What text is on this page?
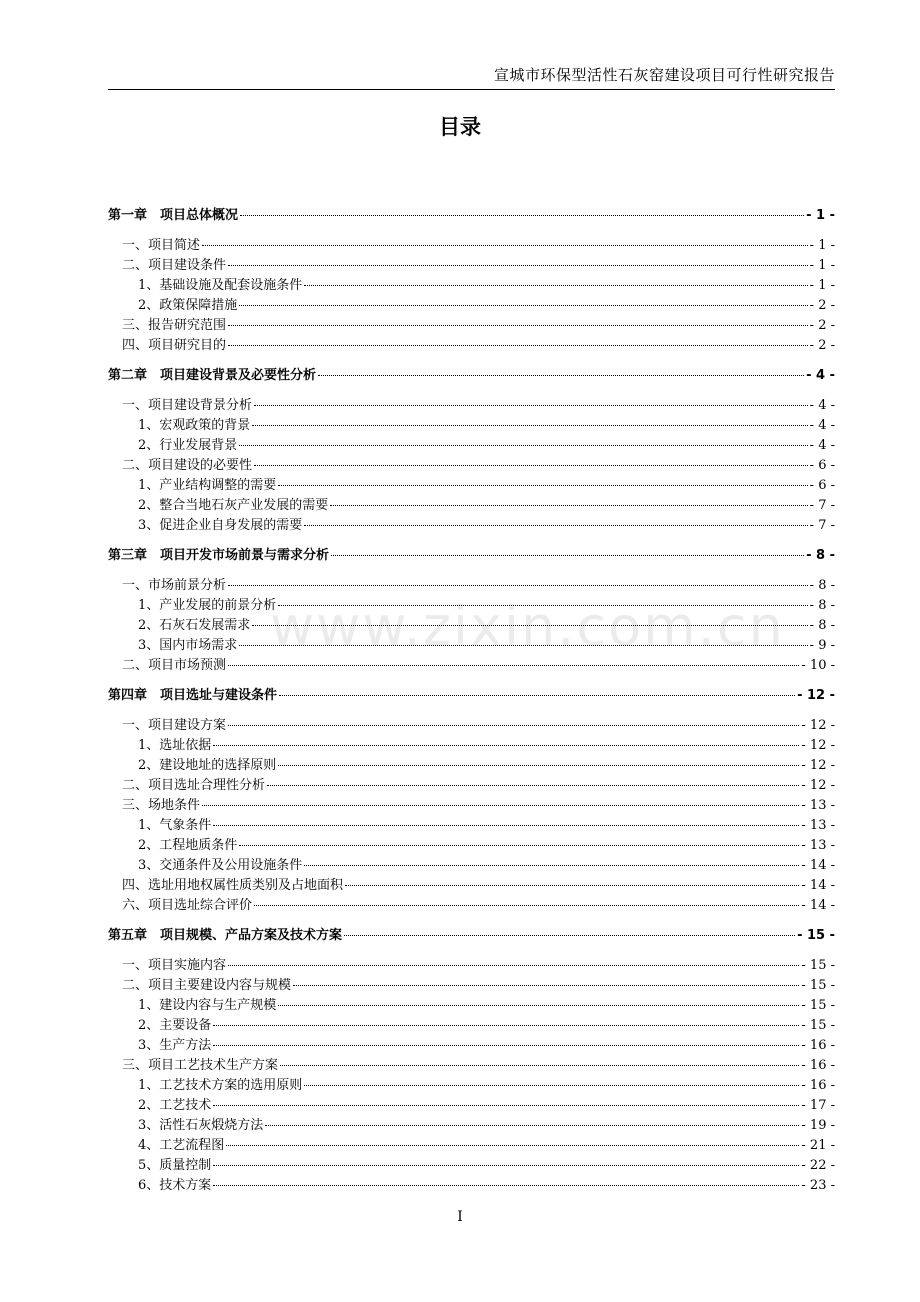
宣城市环保型活性石灰窑建设项目可行性研究报告
目录
www.zixin.com.cn
第一章　项目总体概况	- 1 -
一、项目简述	- 1 -
二、项目建设条件	- 1 -
1、基础设施及配套设施条件	- 1 -
2、政策保障措施	- 2 -
三、报告研究范围	- 2 -
四、项目研究目的	- 2 -
第二章　项目建设背景及必要性分析	- 4 -
一、项目建设背景分析	- 4 -
1、宏观政策的背景	- 4 -
2、行业发展背景	- 4 -
二、项目建设的必要性	- 6 -
1、产业结构调整的需要	- 6 -
2、整合当地石灰产业发展的需要	- 7 -
3、促进企业自身发展的需要	- 7 -
第三章　项目开发市场前景与需求分析	- 8 -
一、市场前景分析	- 8 -
1、产业发展的前景分析	- 8 -
2、石灰石发展需求	- 8 -
3、国内市场需求	- 9 -
二、项目市场预测	- 10 -
第四章　项目选址与建设条件	- 12 -
一、项目建设方案	- 12 -
1、选址依据	- 12 -
2、建设地址的选择原则	- 12 -
二、项目选址合理性分析	- 12 -
三、场地条件	- 13 -
1、气象条件	- 13 -
2、工程地质条件	- 13 -
3、交通条件及公用设施条件	- 14 -
四、选址用地权属性质类别及占地面积	- 14 -
六、项目选址综合评价	- 14 -
第五章　项目规模、产品方案及技术方案	- 15 -
一、项目实施内容	- 15 -
二、项目主要建设内容与规模	- 15 -
1、建设内容与生产规模	- 15 -
2、主要设备	- 15 -
3、生产方法	- 16 -
三、项目工艺技术生产方案	- 16 -
1、工艺技术方案的选用原则	- 16 -
2、工艺技术	- 17 -
3、活性石灰煅烧方法	- 19 -
4、工艺流程图	- 21 -
5、质量控制	- 22 -
6、技术方案	- 23 -
I
